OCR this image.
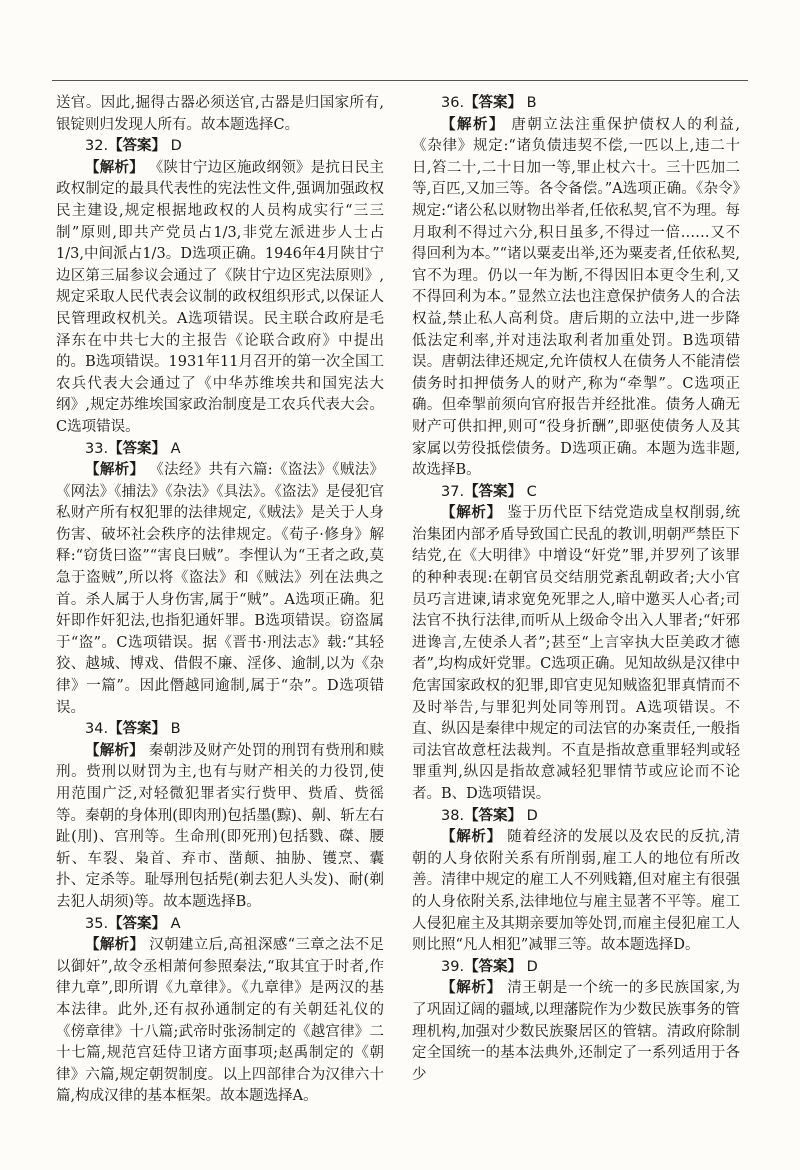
送官。因此,掘得古器必须送官,古器是归国家所有,银锭则归发现人所有。故本题选择C。

32.【答案】 D

【解析】 《陕甘宁边区施政纲领》是抗日民主政权制定的最具代表性的宪法性文件,强调加强政权民主建设,规定根据地政权的人员构成实行“三三制”原则,即共产党员占1/3,非党左派进步人士占1/3,中间派占1/3。D选项正确。1946年4月陕甘宁边区第三届参议会通过了《陕甘宁边区宪法原则》,规定采取人民代表会议制的政权组织形式,以保证人民管理政权机关。A选项错误。民主联合政府是毛泽东在中共七大的主报告《论联合政府》中提出的。B选项错误。1931年11月召开的第一次全国工农兵代表大会通过了《中华苏维埃共和国宪法大纲》,规定苏维埃国家政治制度是工农兵代表大会。C选项错误。

33.【答案】 A

【解析】 《法经》共有六篇:《盗法》《贼法》《网法》《捕法》《杂法》《具法》。《盗法》是侵犯官私财产所有权犯罪的法律规定,《贼法》是关于人身伤害、破坏社会秩序的法律规定。《荀子·修身》解释:“窃货曰盗”“害良曰贼”。李悝认为“王者之政,莫急于盗贼”,所以将《盗法》和《贼法》列在法典之首。杀人属于人身伤害,属于“贼”。A选项正确。犯奸即作奸犯法,也指犯通奸罪。B选项错误。窃盗属于“盗”。C选项错误。据《晋书·刑法志》载:“其轻狡、越城、博戏、借假不廉、淫侈、逾制,以为《杂律》一篇”。因此僭越同逾制,属于“杂”。D选项错误。

34.【答案】 B

【解析】 秦朝涉及财产处罚的刑罚有赀刑和赎刑。赀刑以财罚为主,也有与财产相关的力役罚,使用范围广泛,对轻微犯罪者实行赀甲、赀盾、赀徭等。秦朝的身体刑(即肉刑)包括墨(黥)、劓、斩左右趾(刖)、宫刑等。生命刑(即死刑)包括戮、磔、腰斩、车裂、枭首、弃市、凿颠、抽胁、镬烹、囊扑、定杀等。耻辱刑包括髡(剃去犯人头发)、耐(剃去犯人胡须)等。故本题选择B。

35.【答案】 A

【解析】 汉朝建立后,高祖深感“三章之法不足以御奸”,故令丞相萧何参照秦法,“取其宜于时者,作律九章”,即所谓《九章律》。《九章律》是两汉的基本法律。此外,还有叔孙通制定的有关朝廷礼仪的《傍章律》十八篇;武帝时张汤制定的《越宫律》二十七篇,规范宫廷侍卫诸方面事项;赵禹制定的《朝律》六篇,规定朝贺制度。以上四部律合为汉律六十篇,构成汉律的基本框架。故本题选择A。

36.【答案】 B

【解析】 唐朝立法注重保护债权人的利益,《杂律》规定:“诸负债违契不偿,一匹以上,违二十日,笞二十,二十日加一等,罪止杖六十。三十匹加二等,百匹,又加三等。各令备偿。”A选项正确。《杂令》规定:“诸公私以财物出举者,任依私契,官不为理。每月取利不得过六分,积日虽多,不得过一倍……又不得回利为本。”“诸以粟麦出举,还为粟麦者,任依私契,官不为理。仍以一年为断,不得因旧本更令生利,又不得回利为本。”显然立法也注意保护债务人的合法权益,禁止私人高利贷。唐后期的立法中,进一步降低法定利率,并对违法取利者加重处罚。B选项错误。唐朝法律还规定,允许债权人在债务人不能清偿债务时扣押债务人的财产,称为“牵掣”。C选项正确。但牵掣前须向官府报告并经批准。债务人确无财产可供扣押,则可“役身折酬”,即驱使债务人及其家属以劳役抵偿债务。D选项正确。本题为选非题,故选择B。

37.【答案】 C

【解析】 鉴于历代臣下结党造成皇权削弱,统治集团内部矛盾导致国亡民乱的教训,明朝严禁臣下结党,在《大明律》中增设“奸党”罪,并罗列了该罪的种种表现:在朝官员交结朋党紊乱朝政者;大小官员巧言进谏,请求宽免死罪之人,暗中邀买人心者;司法官不执行法律,而听从上级命令出入人罪者;“奸邪进谗言,左使杀人者”;甚至“上言宰执大臣美政才德者”,均构成奸党罪。C选项正确。见知故纵是汉律中危害国家政权的犯罪,即官吏见知贼盗犯罪真情而不及时举告,与罪犯判处同等刑罚。A选项错误。不直、纵囚是秦律中规定的司法官的办案责任,一般指司法官故意枉法裁判。不直是指故意重罪轻判或轻罪重判,纵囚是指故意减轻犯罪情节或应论而不论者。B、D选项错误。

38.【答案】 D

【解析】 随着经济的发展以及农民的反抗,清朝的人身依附关系有所削弱,雇工人的地位有所改善。清律中规定的雇工人不列贱籍,但对雇主有很强的人身依附关系,法律地位与雇主显著不平等。雇工人侵犯雇主及其期亲要加等处罚,而雇主侵犯雇工人则比照“凡人相犯”减罪三等。故本题选择D。

39.【答案】 D

【解析】 清王朝是一个统一的多民族国家,为了巩固辽阔的疆域,以理藩院作为少数民族事务的管理机构,加强对少数民族聚居区的管辖。清政府除制定全国统一的基本法典外,还制定了一系列适用于各少
